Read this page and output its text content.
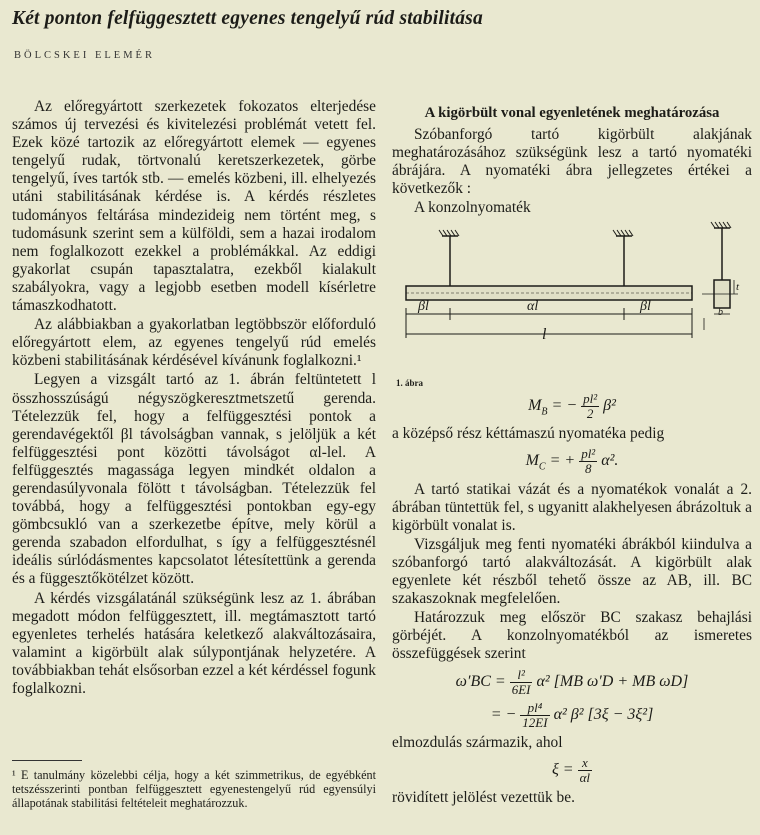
Két ponton felfüggesztett egyenes tengelyű rúd stabilitása
BÖLCSKEI ELEMÉR

Az előregyártott szerkezetek fokozatos elterjedése számos új tervezési és kivitelezési problémát vetett fel. Ezek közé tartozik az előregyártott elemek — egyenes tengelyű rudak, törtvonalú keretszerkezetek, görbe tengelyű, íves tartók stb. — emelés közbeni, ill. elhelyezés utáni stabilitásának kérdése is. A kérdés részletes tudományos feltárása mindezideig nem történt meg, s tudomásunk szerint sem a külföldi, sem a hazai irodalom nem foglalkozott ezekkel a problémákkal. Az eddigi gyakorlat csupán tapasztalatra, ezekből kialakult szabályokra, vagy a legjobb esetben modell kísérletre támaszkodhatott.

Az alábbiakban a gyakorlatban legtöbbször előforduló előregyártott elem, az egyenes tengelyű rúd emelés közbeni stabilitásának kérdésével kívánunk foglalkozni.¹

Legyen a vizsgált tartó az 1. ábrán feltüntetett l összhosszúságú négyszögkeresztmetszetű gerenda. Tételezzük fel, hogy a felfüggesztési pontok a gerendavégektől βl távolságban vannak, s jelöljük a két felfüggesztési pont közötti távolságot αl-lel. A felfüggesztés magassága legyen mindkét oldalon a gerendasúlyvonala fölött t távolságban. Tételezzük fel továbbá, hogy a felfüggesztési pontokban egy-egy gömbcsukló van a szerkezetbe építve, mely körül a gerenda szabadon elfordulhat, s így a felfüggesztésnél ideális súrlódásmentes kapcsolatot létesítettünk a gerenda és a függesztőkötélzet között.

A kérdés vizsgálatánál szükségünk lesz az 1. ábrában megadott módon felfüggesztett, ill. megtámasztott tartó egyenletes terhelés hatására keletkező alakváltozásaira, valamint a kigörbült alak súlypontjának helyzetére. A továbbiakban tehát elsősorban ezzel a két kérdéssel fogunk foglalkozni.

¹ E tanulmány közelebbi célja, hogy a két szimmetrikus, de egyébként tetszésszerinti pontban felfüggesztett egyenestengelyű rúd egyensúlyi állapotának stabilitási feltételeit meghatározzuk.
A kigörbült vonal egyenletének meghatározása

Szóbanforgó tartó kigörbült alakjának meghatározásához szükségünk lesz a tartó nyomatéki ábrájára. A nyomatéki ábra jellegzetes értékei a következők :

A konzolnyomaték

βl	αl	βl
l
t
b
1. ábra
$M_B$ = − $\frac{\text{pl²}}{2} \beta^2$

a középső rész kéttámaszú nyomatéka pedig

$M_C$ = + $\frac{\text{pl²}}{8} \alpha^2$.

A tartó statikai vázát és a nyomatékok vonalát a 2. ábrában tüntettük fel, s ugyanitt alakhelyesen ábrázoltuk a kigörbült vonalat is.

Vizsgáljuk meg fenti nyomatéki ábrákból kiindulva a szóbanforgó tartó alakváltozását. A kigörbült alak egyenlete két részből tehető össze az AB, ill. BC szakaszoknak megfelelően.

Határozzuk meg először BC szakasz behajlási görbéjét. A konzolnyomatékból az ismeretes összefüggések szerint

$\omega'BC = \frac{\text{l²}}{6EI} \alpha^2$ [MB ω′D + MB ωD]
= − $\frac{\text{pl⁴}}{12EI} \alpha^2$ β² [3ξ − 3ξ²]

elmozdulás származik, ahol

$\xi = \frac{x}{\alpha l}$

rövidített jelölést vezettük be.
